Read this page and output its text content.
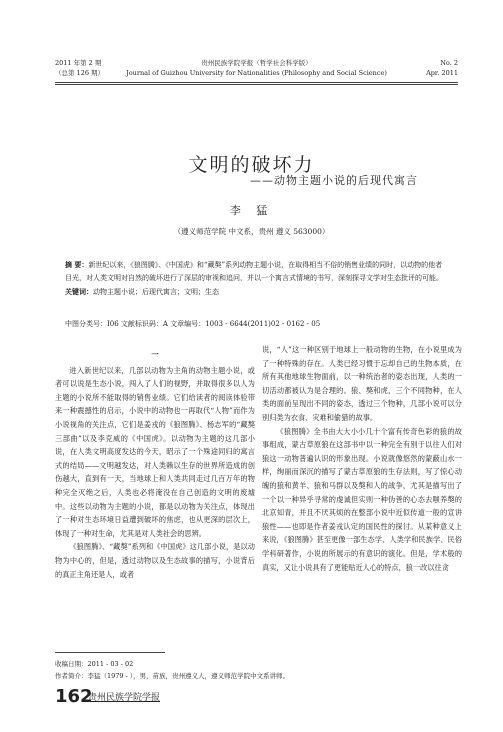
2011 年第 2 期
（总第 126 期）
贵州民族学院学报（哲学社会科学版）
Journal of Guizhou University for Nationalities (Philosophy and Social Science)
No. 2
Apr. 2011
文明的破坏力
——动物主题小说的后现代寓言
李 猛
（遵义师范学院 中文系，贵州 遵义 563000）
摘 要：新世纪以来，《狼图腾》、《中国虎》和“藏獒”系列动物主题小说，在取得相当不俗的销售业绩的同时，以动物的他者目光，对人类文明对自然的破坏进行了深层的审视和追问，并以一个寓言式情境的书写，深刻探寻文学对生态批评的可能。
关键词：动物主题小说；后现代寓言；文明；生态
中图分类号：I06 文献标识码：A 文章编号：1003 - 6644(2011)02 - 0162 - 05
一

进入新世纪以来，几部以动物为主角的动物主题小说，或者可以说是生态小说，闯入了人们的视野，并取得很多以人为主题的小说所不能取得的销售业绩。它们给读者的阅读体验带来一种震撼性的启示，小说中的动物也一再取代“人物”而作为小说视角的关注点，它们是姜戎的《狼图腾》、杨志军的“藏獒三部曲”以及李克威的《中国虎》。以动物为主题的这几部小说，在人类文明高度发达的今天，昭示了一个殊途同归的寓言式的结局——文明越发达，对人类赖以生存的世界所造成的创伤越大，直到有一天，当地球上和人类共同走过几百万年的物种完全灭绝之后，人类也必将淹没在自己创造的文明的废墟中。这些以动物为主题的小说，都是以动物为关注点，体现出了一种对生态环境日益遭到破坏的焦虑，也从更深的层次上，体现了一种对生命，尤其是对人类社会的思辨。

《狼图腾》、“藏獒”系列和《中国虎》这几部小说，是以动物为中心的，但是，透过动物以及生态故事的描写，小说背后的真正主角还是人，或者

说，“人”这一种区别于地球上一般动物的生物，在小说里成为了一种特殊的存在。人类已经习惯于忘却自己的生物本质，在所有其他地球生物面前，以一种统治者的姿态出现，人类的一切活动都被认为是合理的。狼、獒和虎，三个不同物种，在人类的面前呈现出不同的姿态，透过三个物种，几部小说可以分别归类为衣食、灾难和偷猎的故事。

《狼图腾》全书由大大小小几十个富有传奇色彩的狼的故事组成，蒙古草原狼在这部书中以一种完全有别于以往人们对狼这一动物普遍认识的形象出现。小说就像悠然的蒙蔽山水一样，绚丽而深沉的描写了蒙古草原狼的生存法则，写了惊心动魄的狼和黄羊、狼和马群以及獒和人的战争，尤其是描写出了一个以一种异乎寻常的虔诚但实则一种伪善的心态去嗤养獒的北京知青，并且不厌其烦的在整部小说中近似传道一般的宣讲狼性——也即是作者姜戎认定的国民性的探讨。从某种意义上来说，《狼图腾》甚至更像一部生态学、人类学和民族学、民俗学科研著作，小说的所展示的有意识的演化。但是，学术般的真实，又让小说具有了更能贴近人心的特点，狼一改以往贪

收稿日期：2011 - 03 - 02
作者简介：李猛（1979 - ），男，苗族，贵州遵义人，遵义师范学院中文系讲师。
162
贵州民族学院学报
